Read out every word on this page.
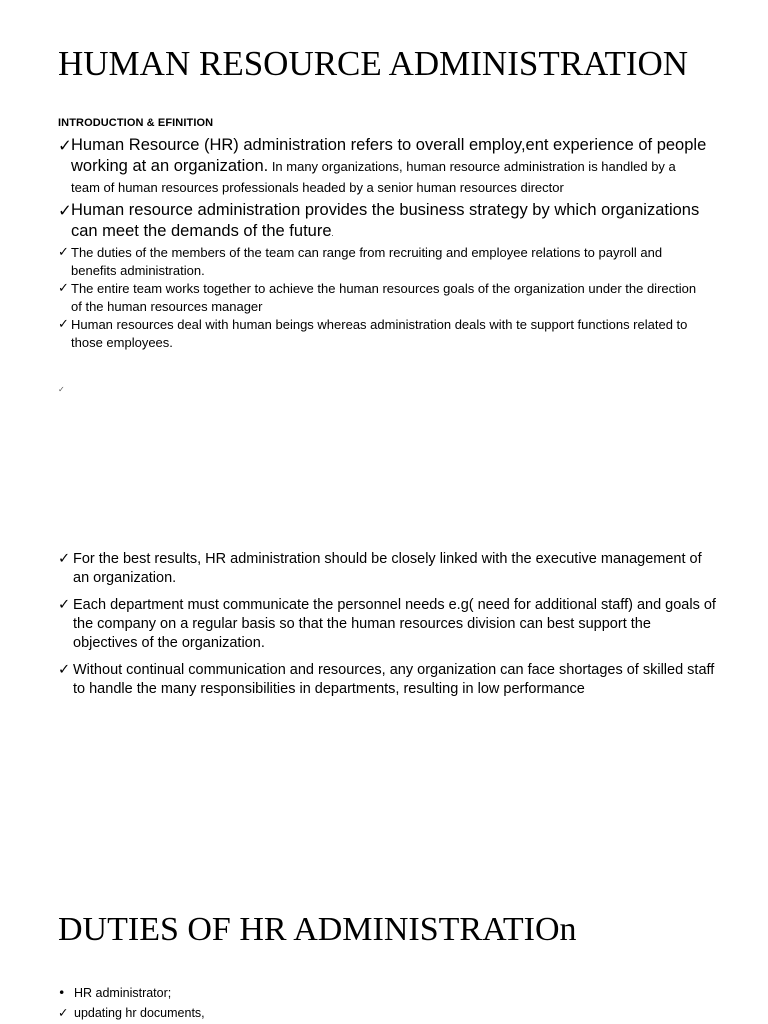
HUMAN RESOURCE ADMINISTRATION
INTRODUCTION & EFINITION
✓ Human Resource (HR) administration refers to overall employ,ent experience of people working at an organization. In many organizations, human resource administration is handled by a team of human resources professionals headed by a senior human resources director
✓ Human resource administration provides the business strategy by which organizations can meet the demands of the future.
✓ The duties of the members of the team can range from recruiting and employee relations to payroll and benefits administration.
✓ The entire team works together to achieve the human resources goals of the organization under the direction of the human resources manager
✓ Human resources deal with human beings whereas administration deals with te support functions related to those employees.
✓
✓ For the best results, HR administration should be closely linked with the executive management of an organization.
✓ Each department must communicate the personnel needs e.g( need for additional staff) and goals of the company on a regular basis so that the human resources division can best support the objectives of the organization.
✓ Without continual communication and resources, any organization can face shortages of skilled staff to handle the many responsibilities in departments, resulting in low performance
DUTIES OF HR ADMINISTRATIOn
• HR administrator;
✓ updating hr documents,
